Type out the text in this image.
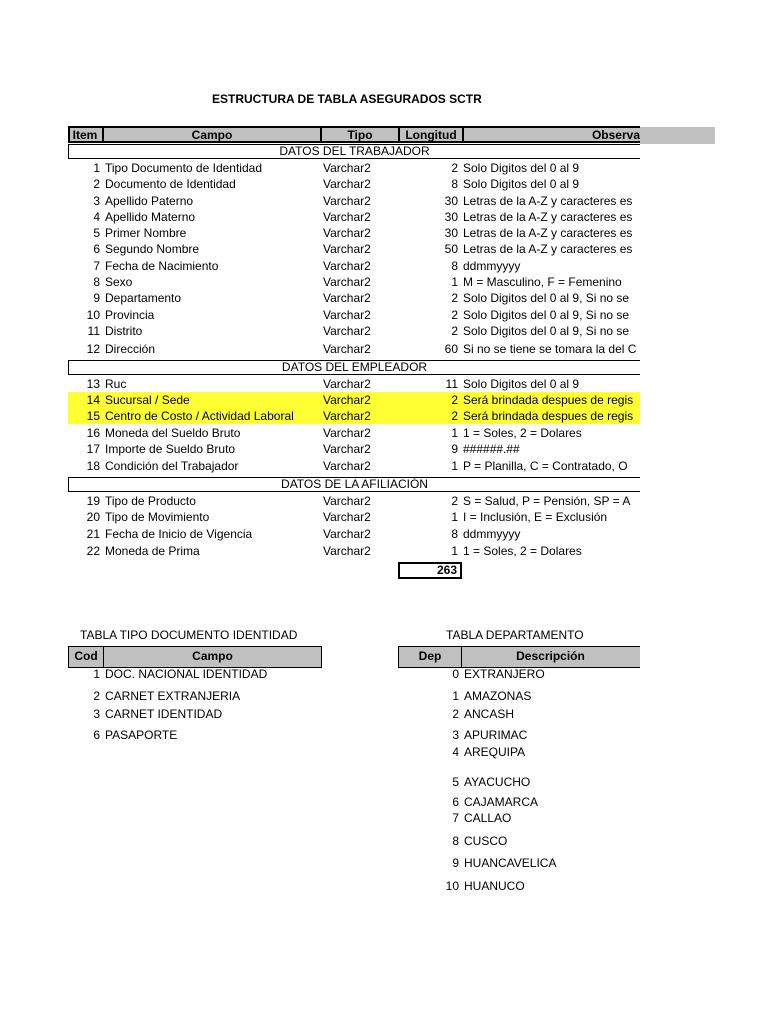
ESTRUCTURA DE TABLA ASEGURADOS SCTR
Item	Campo	Tipo	Longitud	Observa
DATOS DEL TRABAJADOR
DATOS DEL EMPLEADOR
DATOS DE LA AFILIACIÓN
1 Tipo Documento de Identidad	Varchar2	2 Solo Digitos del 0 al 9
2 Documento de Identidad	Varchar2	8 Solo Digitos del 0 al 9
3 Apellido Paterno	Varchar2	30 Letras de la A-Z y caracteres es
4 Apellido Materno	Varchar2	30 Letras de la A-Z y caracteres es
5 Primer Nombre	Varchar2	30 Letras de la A-Z y caracteres es
6 Segundo Nombre	Varchar2	50 Letras de la A-Z y caracteres es
7 Fecha de Nacimiento	Varchar2	8 ddmmyyyy
8 Sexo	Varchar2	1 M = Masculino, F = Femenino
9 Departamento	Varchar2	2 Solo Digitos del 0 al 9, Si no se
10 Provincia	Varchar2	2 Solo Digitos del 0 al 9, Si no se
11 Distrito	Varchar2	2 Solo Digitos del 0 al 9, Si no se
12 Dirección	Varchar2	60 Si no se tiene se tomara la del C
13 Ruc	Varchar2	11 Solo Digitos del 0 al 9
14 Sucursal / Sede	Varchar2	2 Será brindada despues de regis
15 Centro de Costo / Actividad Laboral	Varchar2	2 Será brindada despues de regis
16 Moneda del Sueldo Bruto	Varchar2	1 1 = Soles, 2 = Dolares
17 Importe de Sueldo Bruto	Varchar2	9 ######.##
18 Condición del Trabajador	Varchar2	1 P = Planilla, C = Contratado, O
19 Tipo de Producto	Varchar2	2 S = Salud, P = Pensión, SP = A
20 Tipo de Movimiento	Varchar2	1 I = Inclusión, E = Exclusión
21 Fecha de Inicio de Vigencia	Varchar2	8 ddmmyyyy
22 Moneda de Prima	Varchar2	1 1 = Soles, 2 = Dolares
263
TABLA TIPO DOCUMENTO IDENTIDAD
Cod	Campo
1 DOC. NACIONAL IDENTIDAD
2 CARNET EXTRANJERIA
3 CARNET IDENTIDAD
6 PASAPORTE
TABLA DEPARTAMENTO
Dep	Descripción
0 EXTRANJERO
1 AMAZONAS
2 ANCASH
3 APURIMAC
4 AREQUIPA
5 AYACUCHO
6 CAJAMARCA
7 CALLAO
8 CUSCO
9 HUANCAVELICA
10 HUANUCO
